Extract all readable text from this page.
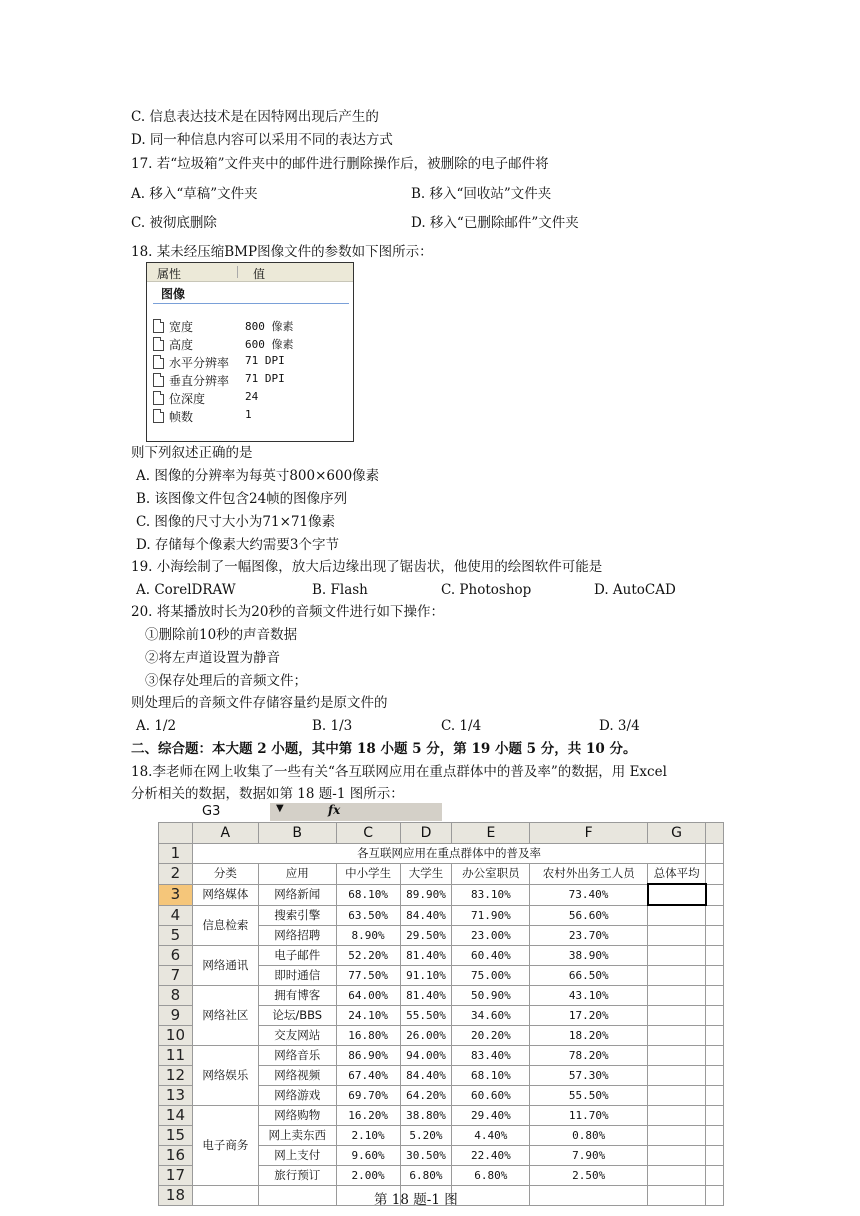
C. 信息表达技术是在因特网出现后产生的
D. 同一种信息内容可以采用不同的表达方式
17. 若“垃圾箱”文件夹中的邮件进行删除操作后，被删除的电子邮件将
A. 移入“草稿”文件夹	B. 移入“回收站”文件夹
C. 被彻底删除	D. 移入“已删除邮件”文件夹
18. 某未经压缩BMP图像文件的参数如下图所示：
属性	值
图像
宽度	800 像素
高度	600 像素
水平分辨率 71 DPI
垂直分辨率 71 DPI
位深度	24
帧数	1
则下列叙述正确的是
A. 图像的分辨率为每英寸800×600像素
B. 该图像文件包含24帧的图像序列
C. 图像的尺寸大小为71×71像素
D. 存储每个像素大约需要3个字节
19. 小海绘制了一幅图像，放大后边缘出现了锯齿状，他使用的绘图软件可能是
A. CorelDRAW	B. Flash	C. Photoshop	D. AutoCAD
20. 将某播放时长为20秒的音频文件进行如下操作：
①删除前10秒的声音数据
②将左声道设置为静音
③保存处理后的音频文件；
则处理后的音频文件存储容量约是原文件的
A. 1/2	B. 1/3	C. 1/4	D. 3/4
二、综合题：本大题 2 小题，其中第 18 小题 5 分，第 19 小题 5 分，共 10 分。
18.李老师在网上收集了一些有关“各互联网应用在重点群体中的普及率”的数据，用 Excel
分析相关的数据，数据如第 18 题-1 图所示：
G3	▼	fx
	A	B	C	D	E	F	G	
1	各互联网应用在重点群体中的普及率							
2	分类	应用	中小学生	大学生	办公室职员	农村外出务工人员	总体平均	
3	网络媒体	网络新闻	68.10%	89.90%	83.10%	73.40%		
4	信息检索	搜索引擎	63.50%	84.40%	71.90%	56.60%		
5		网络招聘	8.90%	29.50%	23.00%	23.70%		
6	网络通讯	电子邮件	52.20%	81.40%	60.40%	38.90%		
7		即时通信	77.50%	91.10%	75.00%	66.50%		
8	网络社区	拥有博客	64.00%	81.40%	50.90%	43.10%		
9		论坛/BBS	24.10%	55.50%	34.60%	17.20%		
10		交友网站	16.80%	26.00%	20.20%	18.20%		
11	网络娱乐	网络音乐	86.90%	94.00%	83.40%	78.20%		
12		网络视频	67.40%	84.40%	68.10%	57.30%		
13		网络游戏	69.70%	64.20%	60.60%	55.50%		
14	电子商务	网络购物	16.20%	38.80%	29.40%	11.70%		
15		网上卖东西	2.10%	5.20%	4.40%	0.80%		
16		网上支付	9.60%	30.50%	22.40%	7.90%		
17		旅行预订	2.00%	6.80%	6.80%	2.50%		
18									第 18 题-1 图
